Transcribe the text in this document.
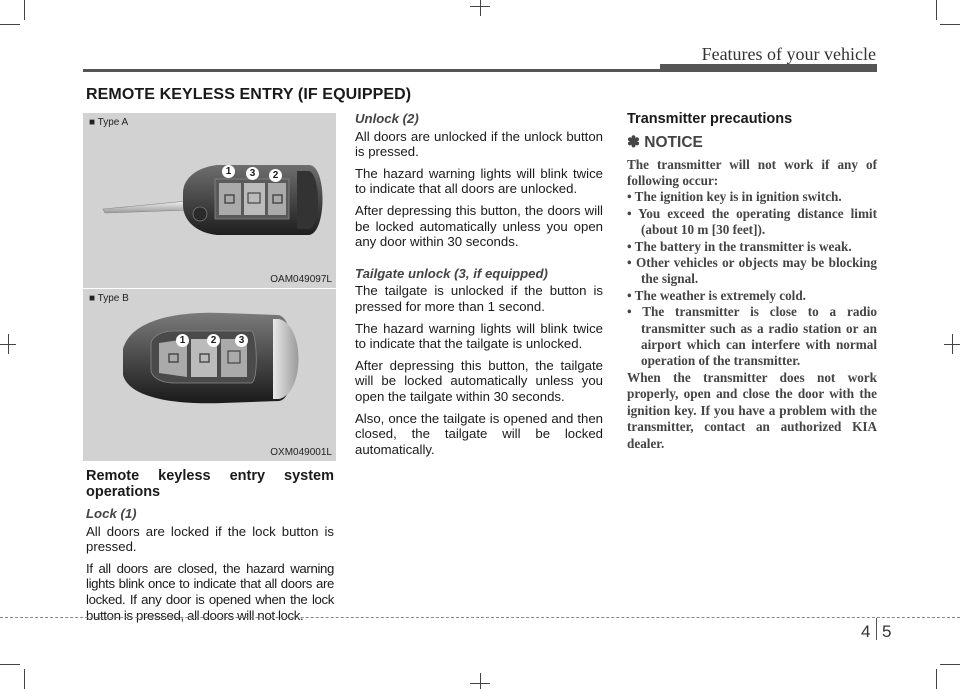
Features of your vehicle
REMOTE KEYLESS ENTRY (IF EQUIPPED)
■ Type A
1	3	2
OAM049097L
■ Type B
1	2	3
OXM049001L
Remote keyless entry system operations
Lock (1)

All doors are locked if the lock button is pressed.

If all doors are closed, the hazard warning lights blink once to indicate that all doors are locked. If any door is opened when the lock button is pressed, all doors will not lock.

Unlock (2)

All doors are unlocked if the unlock button is pressed.

The hazard warning lights will blink twice to indicate that all doors are unlocked.

After depressing this button, the doors will be locked automatically unless you open any door within 30 seconds.

Tailgate unlock (3, if equipped)

The tailgate is unlocked if the button is pressed for more than 1 second.

The hazard warning lights will blink twice to indicate that the tailgate is unlocked.

After depressing this button, the tailgate will be locked automatically unless you open the tailgate within 30 seconds.

Also, once the tailgate is opened and then closed, the tailgate will be locked automatically.

Transmitter precautions
✽ NOTICE

The transmitter will not work if any of following occur:

• The ignition key is in ignition switch.

• You exceed the operating distance limit (about 10 m [30 feet]).

• The battery in the transmitter is weak.

• Other vehicles or objects may be blocking the signal.

• The weather is extremely cold.

• The transmitter is close to a radio transmitter such as a radio station or an airport which can interfere with normal operation of the transmitter.

When the transmitter does not work properly, open and close the door with the ignition key. If you have a problem with the transmitter, contact an authorized KIA dealer.

4 5
